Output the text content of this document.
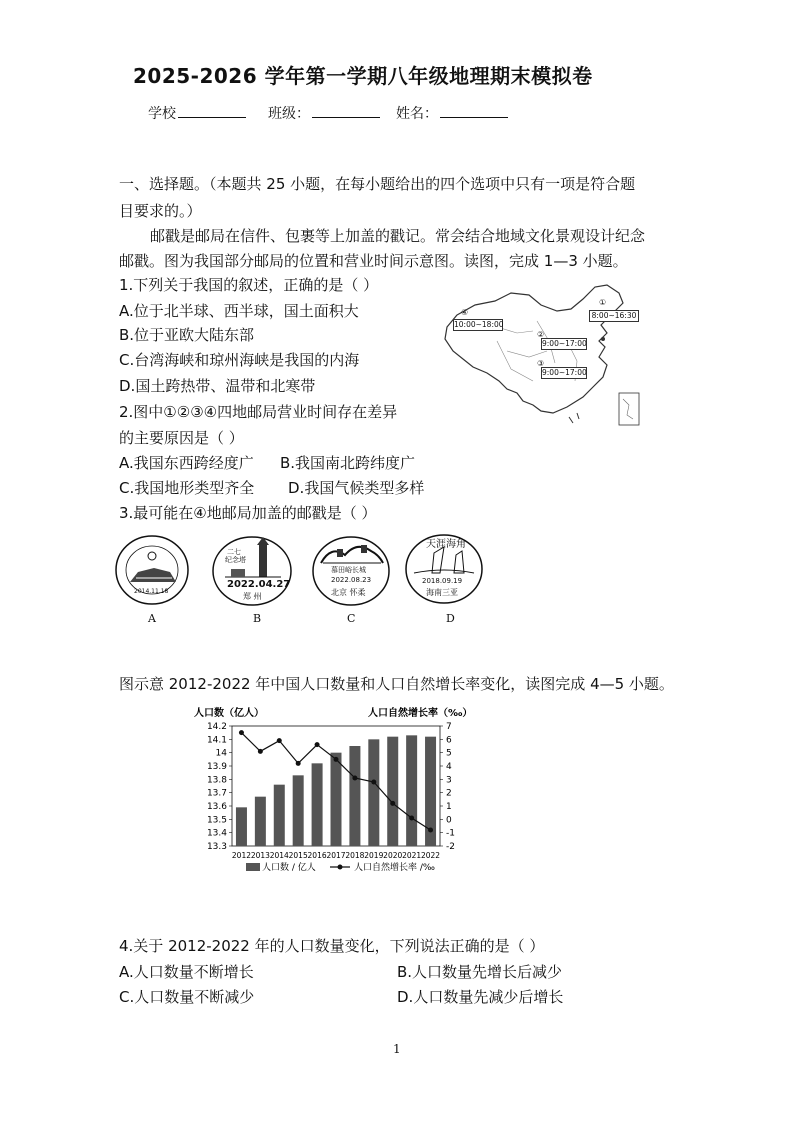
2025-2026 学年第一学期八年级地理期末模拟卷
学校	班级：	姓名：
一、选择题。（本题共 25 小题，在每小题给出的四个选项中只有一项是符合题
目要求的。）
邮戳是邮局在信件、包裹等上加盖的戳记。常会结合地域文化景观设计纪念
邮戳。图为我国部分邮局的位置和营业时间示意图。读图，完成 1—3 小题。
1.下列关于我国的叙述，正确的是（ ）
A.位于北半球、西半球，国土面积大
B.位于亚欧大陆东部
C.台湾海峡和琼州海峡是我国的内海
D.国土跨热带、温带和北寒带
2.图中①②③④四地邮局营业时间存在差异
的主要原因是（ ）
A.我国东西跨经度广 B.我国南北跨纬度广
C.我国地形类型齐全 D.我国气候类型多样
3.最可能在④地邮局加盖的邮戳是（ ）
10:00~18:00
④	8:00~16:30
①
9:00~17:00
②
9:00~17:00
③
2014.11.18
A
二七
纪念塔
2022.04.27
郑 州
B
慕田峪长城
2022.08.23
北京 怀柔
C
天涯海角
2018.09.19
海南三亚
D
图示意 2012-2022 年中国人口数量和人口自然增长率变化，读图完成 4—5 小题。
人口数（亿人）	人口自然增长率（‰）
14.2
14.1
14
13.9
13.8
13.7
13.6
13.5
13.4
13.3
7
6
5
4
3
2
1
0
-1
-2
2012 2013 2014 2015 2016 2017 2018 2019 2020 2021 2022
人口数 / 亿人	人口自然增长率 /‰
4.关于 2012-2022 年的人口数量变化，下列说法正确的是（ ）
A.人口数量不断增长	B.人口数量先增长后减少
C.人口数量不断减少	D.人口数量先减少后增长
1
